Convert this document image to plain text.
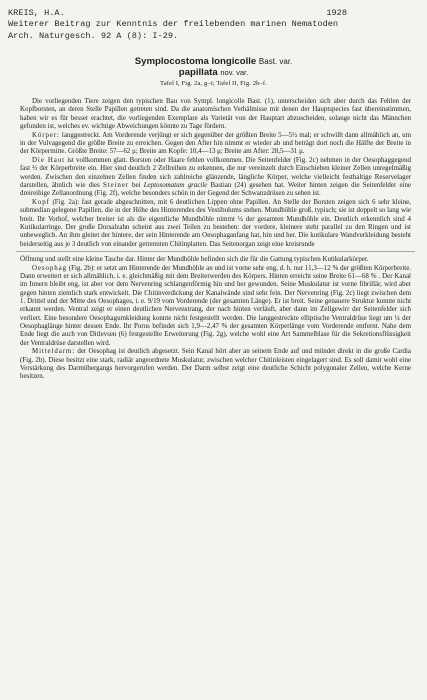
KREIS, H.A.	1928
Weiterer Beitrag zur Kenntnis der freilebenden marinen Nematoden
Arch. Naturgesch. 92 A (8): I-29.
Symplocostoma longicolle Bast. var.
papillata nov. var.
Tafel I, Fig. 2a, g–i; Tafel II, Fig. 2b–f.

Die vorliegenden Tiere zeigen den typischen Bau von Sympl. longicolle Bast. (1), unterscheiden sich aber durch das Fehlen der Kopfborsten, an deren Stelle Papillen getreten sind. Da die anatomischen Verhältnisse mit denen der Hauptspecies fast übereinstimmen, haben wir es für besser erachtet, die vorliegenden Exemplare als Varietät von der Hauptart abzuscheiden, solange nicht das Männchen gefunden ist, welches ev. wichtige Abweichungen könnte zu Tage fördern.

Körper: langgestreckt. Am Vorderende verjüngt er sich gegenüber der größten Breite 5—5½ mal; er schwillt dann allmählich an, um in der Vulvagegend die größte Breite zu erreichen. Gegen den After hin nimmt er wieder ab und beträgt dort noch die Hälfte der Breite in der Körpermitte. Größte Breite: 57—62 μ; Breite am Kopfe: 10,4—13 μ; Breite am After: 28,5—31 μ.

Die Haut ist vollkommen glatt. Borsten oder Haare fehlen vollkommen. Die Seitenfelder (Fig. 2c) nehmen in der Oesophaggegend fast ⅔ der Körperbreite ein. Hier sind deutlich 2 Zellreihen zu erkennen, die nur vereinzelt durch Einschieben kleiner Zellen unregelmäßig werden. Zwischen den einzelnen Zellen finden sich zahlreiche glänzende, längliche Körper, welche vielleicht festhaltige Reservelager darstellen, ähnlich wie dies Steiner bei Leptosomatum gracile Bastian (24) gesehen hat. Weiter hinten zeigen die Seitenfelder eine dreireihige Zellanordnung (Fig. 2f), welche besonders schön in der Gegend der Schwanzdrüsen zu sehen ist.

Kopf (Fig. 2a): fast gerade abgeschnitten, mit 6 deutlichen Lippen ohne Papillen. An Stelle der Borsten zeigen sich 6 sehr kleine, submedian gelegene Papillen, die in der Höhe des Hinterendes des Vestibulums stehen. Mundhöhle groß, typisch; sie ist doppelt so lang wie breit. Ihr Vorhof, welcher breiter ist als die eigentliche Mundhöhle nimmt ¼ der gesamten Mundhöhle ein. Deutlich erkennlich sind 4 Kutikularringe. Der große Dorsalzahn scheint aus zwei Teilen zu bestehen: der vordere, kleinere steht parallel zu den Ringen und ist unbeweglich. An ihm gleitet der hintere, der sein Hinterende am Oesophaganfang hat, hin und her. Die kutikulare Wandverkleidung besteht beiderseitig aus je 3 deutlich von einander getrennten Chitinplatten. Das Seitenorgan zeigt eine kreisrunde

Öffnung und stellt eine kleine Tasche dar. Hinter der Mundhöhle befinden sich die für die Gattung typischen Kutikularkörper.

Oesophag (Fig. 2b): er setzt am Hinterende der Mundhöhle an und ist vorne sehr eng, d. h. nur 11,3—12 % der größten Körperbreite. Dann erweitert er sich allmählich, i. e. gleichmäßig mit dem Breiterwerden des Körpers. Hinten erreicht seine Breite 61—68 % . Der Kanal im Innern bleibt eng, ist aber vor dem Nervenring schlangenförmig hin und her gewunden. Seine Muskulatur ist vorne fibrillär, wird aber gegen hinten ziemlich stark entwickelt. Die Chitinverdickung der Kanalwände sind sehr fein. Der Nervenring (Fig. 2c) liegt zwischen dem 1. Drittel und der Mitte des Oesophages, i. e. 9/19 vom Vorderende (der gesamten Länge). Er ist breit. Seine genauere Struktur konnte nicht erkannt werden. Ventral zeigt er einen deutlichen Nervenstrang, der nach hinten verläuft, aber dann im Zellgewirr der Seitenfelder sich verliert. Eine besondere Oesophagumkleidung konnte nicht festgestellt werden. Die langgestreckte elliptische Ventraldrüse liegt um ¼ der Oesophaglänge hinter dessen Ende. Ihr Porus befindet sich 1,9—2,47 % der gesamten Körperlänge vom Vorderende entfernt. Nahe dem Ende liegt die auch von Ditlevsen (6) festgestellte Erweiterung (Fig. 2g), welche wohl eine Art Sammelblase für die Sekretionsflüssigkeit der Ventraldrüse darstellen wird.

Mitteldarm: der Oesophag ist deutlich abgesetzt. Sein Kanal hört aber an seinem Ende auf und mündet direkt in die große Cardia (Fig. 2b). Diese besitzt eine stark, radiär angeordnete Muskulatur, zwischen welcher Chitinleisten eingelagert sind. Es soll damit wohl eine Verstärkung des Darmübergangs hervorgerufen werden. Der Darm selbst zeigt eine deutliche Schicht polygonaler Zellen, welche Kerne besitzen.
